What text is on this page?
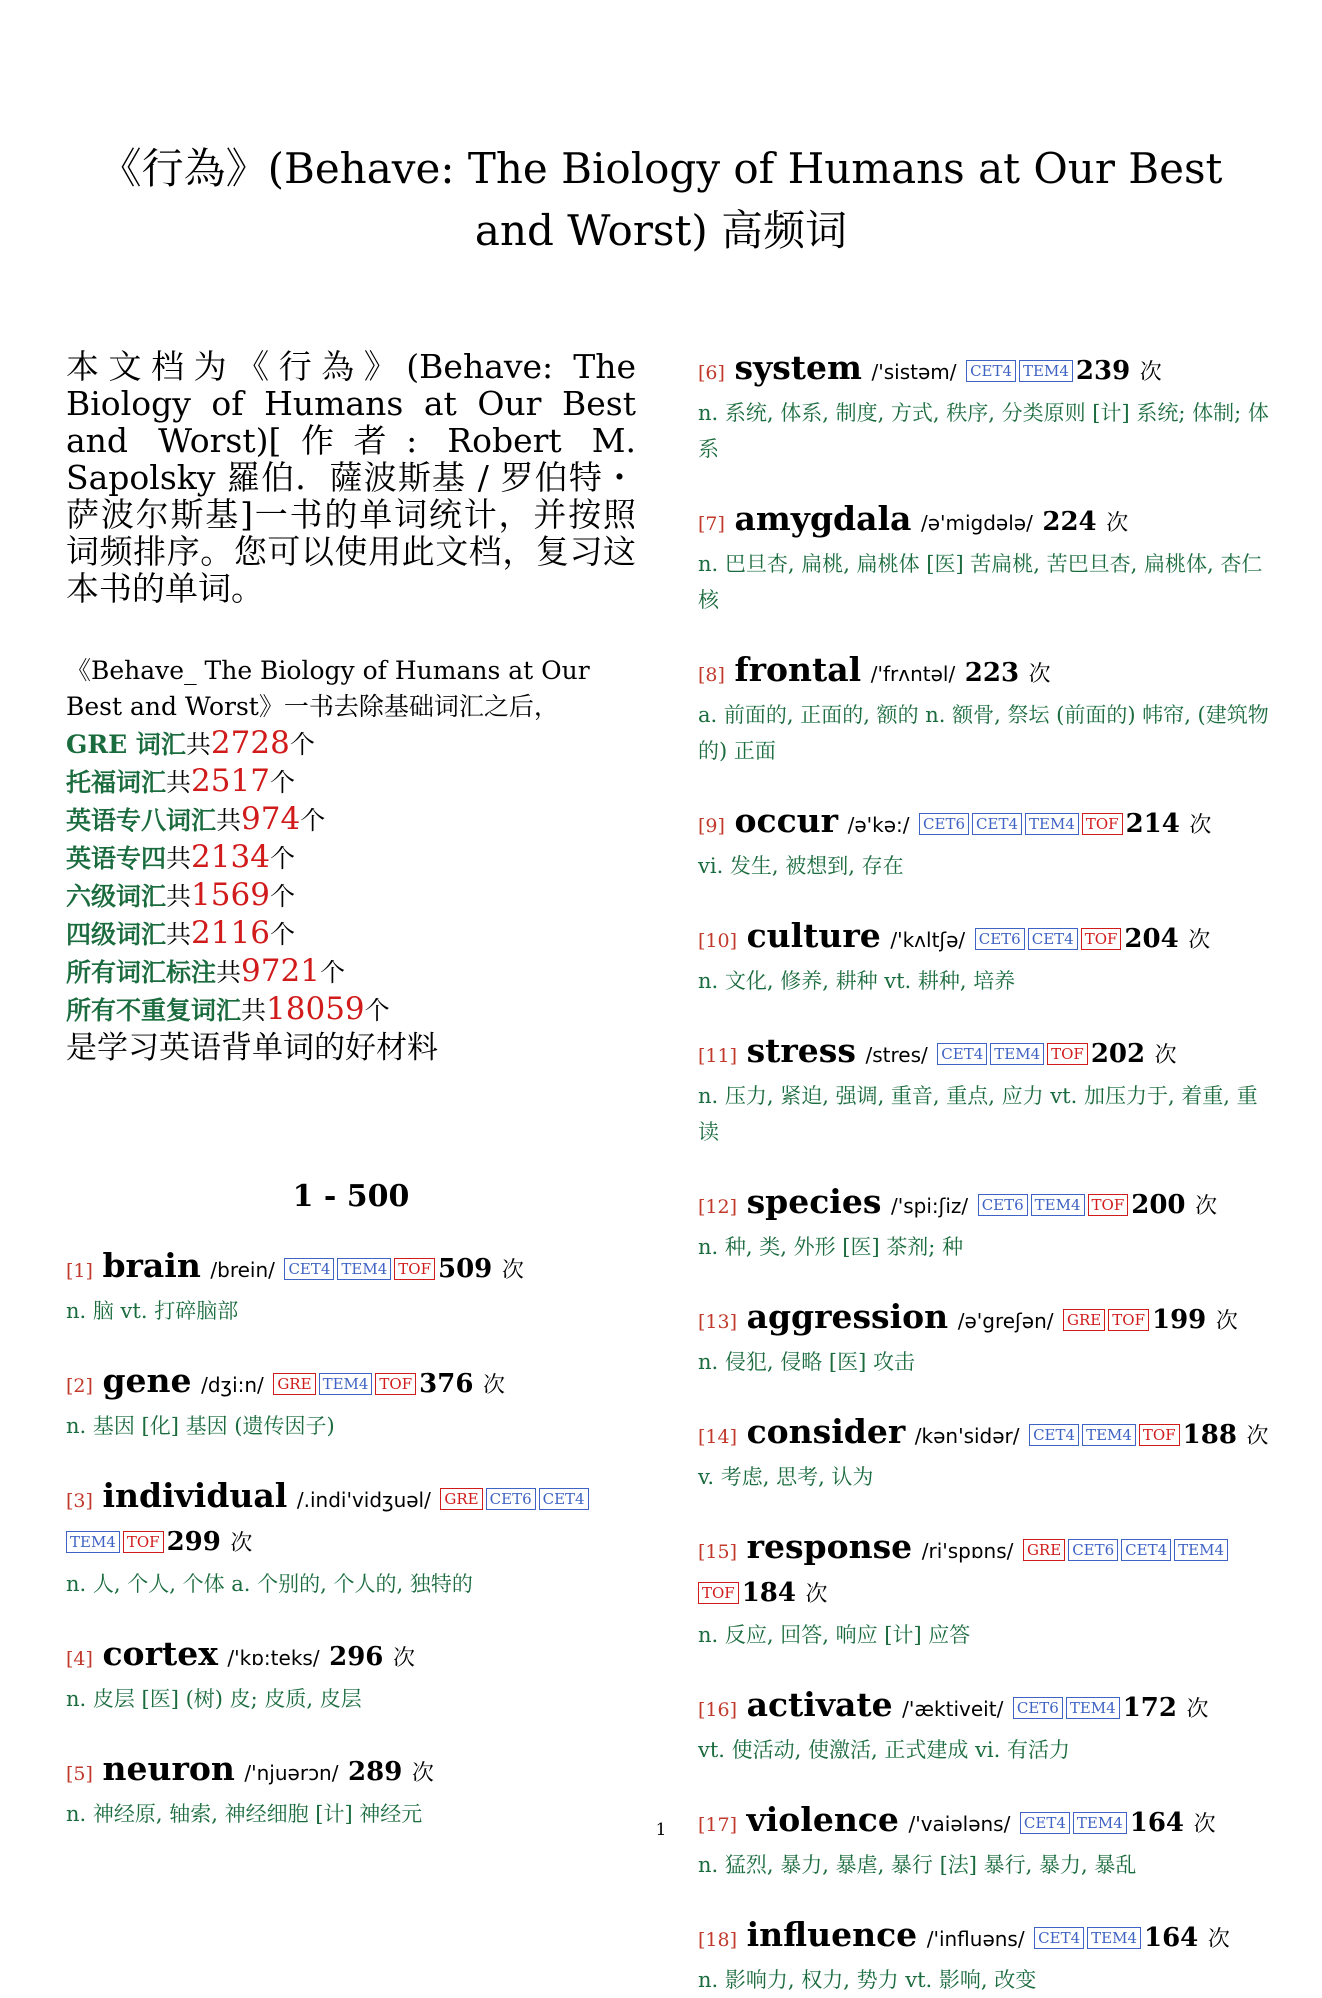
《行為》(Behave: The Biology of Humans at Our Best and Worst) 高频词

本文档为《行為》(Behave: The Biology of Humans at Our Best and Worst)[作者: Robert M. Sapolsky 羅伯．薩波斯基 / 罗伯特・萨波尔斯基]一书的单词统计，并按照词频排序。您可以使用此文档，复习这本书的单词。

《Behave_ The Biology of Humans at Our Best and Worst》一书去除基础词汇之后，
GRE 词汇共2728个
托福词汇共2517个
英语专八词汇共974个
英语专四共2134个
六级词汇共1569个
四级词汇共2116个
所有词汇标注共9721个
所有不重复词汇共18059个
是学习英语背单词的好材料
1 - 500
[1] brain /brein/ CET4 TEM4 TOF 509 次
n. 脑 vt. 打碎脑部
[2] gene /dʒi:n/ GRE TEM4 TOF 376 次
n. 基因 [化] 基因 (遗传因子)
[3] individual /.indi'vidʒuəl/ GRE CET6 CET4TEM4 TOF 299 次
n. 人, 个人, 个体 a. 个别的, 个人的, 独特的
[4] cortex /'kɒ:teks/ 296 次
n. 皮层 [医] (树) 皮; 皮质, 皮层
[5] neuron /'njuərɔn/ 289 次
n. 神经原, 轴索, 神经细胞 [计] 神经元
[6] system /'sistəm/ CET4 TEM4 239 次
n. 系统, 体系, 制度, 方式, 秩序, 分类原则 [计] 系统; 体制; 体系
[7] amygdala /ə'migdələ/ 224 次
n. 巴旦杏, 扁桃, 扁桃体 [医] 苦扁桃, 苦巴旦杏, 扁桃体, 杏仁核
[8] frontal /'frʌntəl/ 223 次
a. 前面的, 正面的, 额的 n. 额骨, 祭坛 (前面的) 帏帘, (建筑物的) 正面
[9] occur /ə'kə:/ CET6 CET4 TEM4 TOF 214 次
vi. 发生, 被想到, 存在
[10] culture /'kʌltʃə/ CET6 CET4 TOF 204 次
n. 文化, 修养, 耕种 vt. 耕种, 培养
[11] stress /stres/ CET4 TEM4 TOF 202 次
n. 压力, 紧迫, 强调, 重音, 重点, 应力 vt. 加压力于, 着重, 重读
[12] species /'spi:ʃiz/ CET6 TEM4 TOF 200 次
n. 种, 类, 外形 [医] 茶剂; 种
[13] aggression /ə'greʃən/ GRE TOF 199 次
n. 侵犯, 侵略 [医] 攻击
[14] consider /kən'sidər/ CET4 TEM4 TOF 188 次
v. 考虑, 思考, 认为
[15] response /ri'spɒns/ GRE CET6 CET4 TEM4TOF 184 次
n. 反应, 回答, 响应 [计] 应答
[16] activate /'æktiveit/ CET6 TEM4 172 次
vt. 使活动, 使激活, 正式建成 vi. 有活力
[17] violence /'vaiələns/ CET4 TEM4 164 次
n. 猛烈, 暴力, 暴虐, 暴行 [法] 暴行, 暴力, 暴乱
[18] influence /'influəns/ CET4 TEM4 164 次
n. 影响力, 权力, 势力 vt. 影响, 改变
1
